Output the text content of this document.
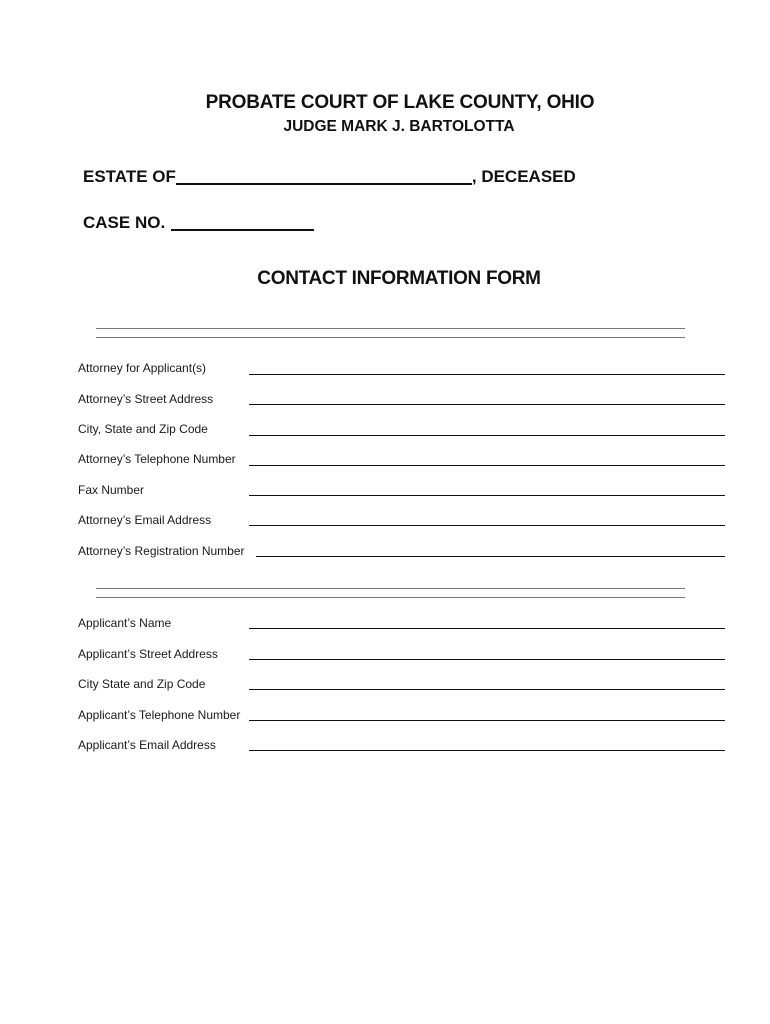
PROBATE COURT OF LAKE COUNTY, OHIO
JUDGE MARK J. BARTOLOTTA
ESTATE OF	, DECEASED
CASE NO.
CONTACT INFORMATION FORM
Attorney for Applicant(s)
Attorney’s Street Address
City, State and Zip Code
Attorney’s Telephone Number
Fax Number
Attorney’s Email Address
Attorney’s Registration Number
Applicant’s Name
Applicant’s Street Address
City State and Zip Code
Applicant’s Telephone Number
Applicant’s Email Address
